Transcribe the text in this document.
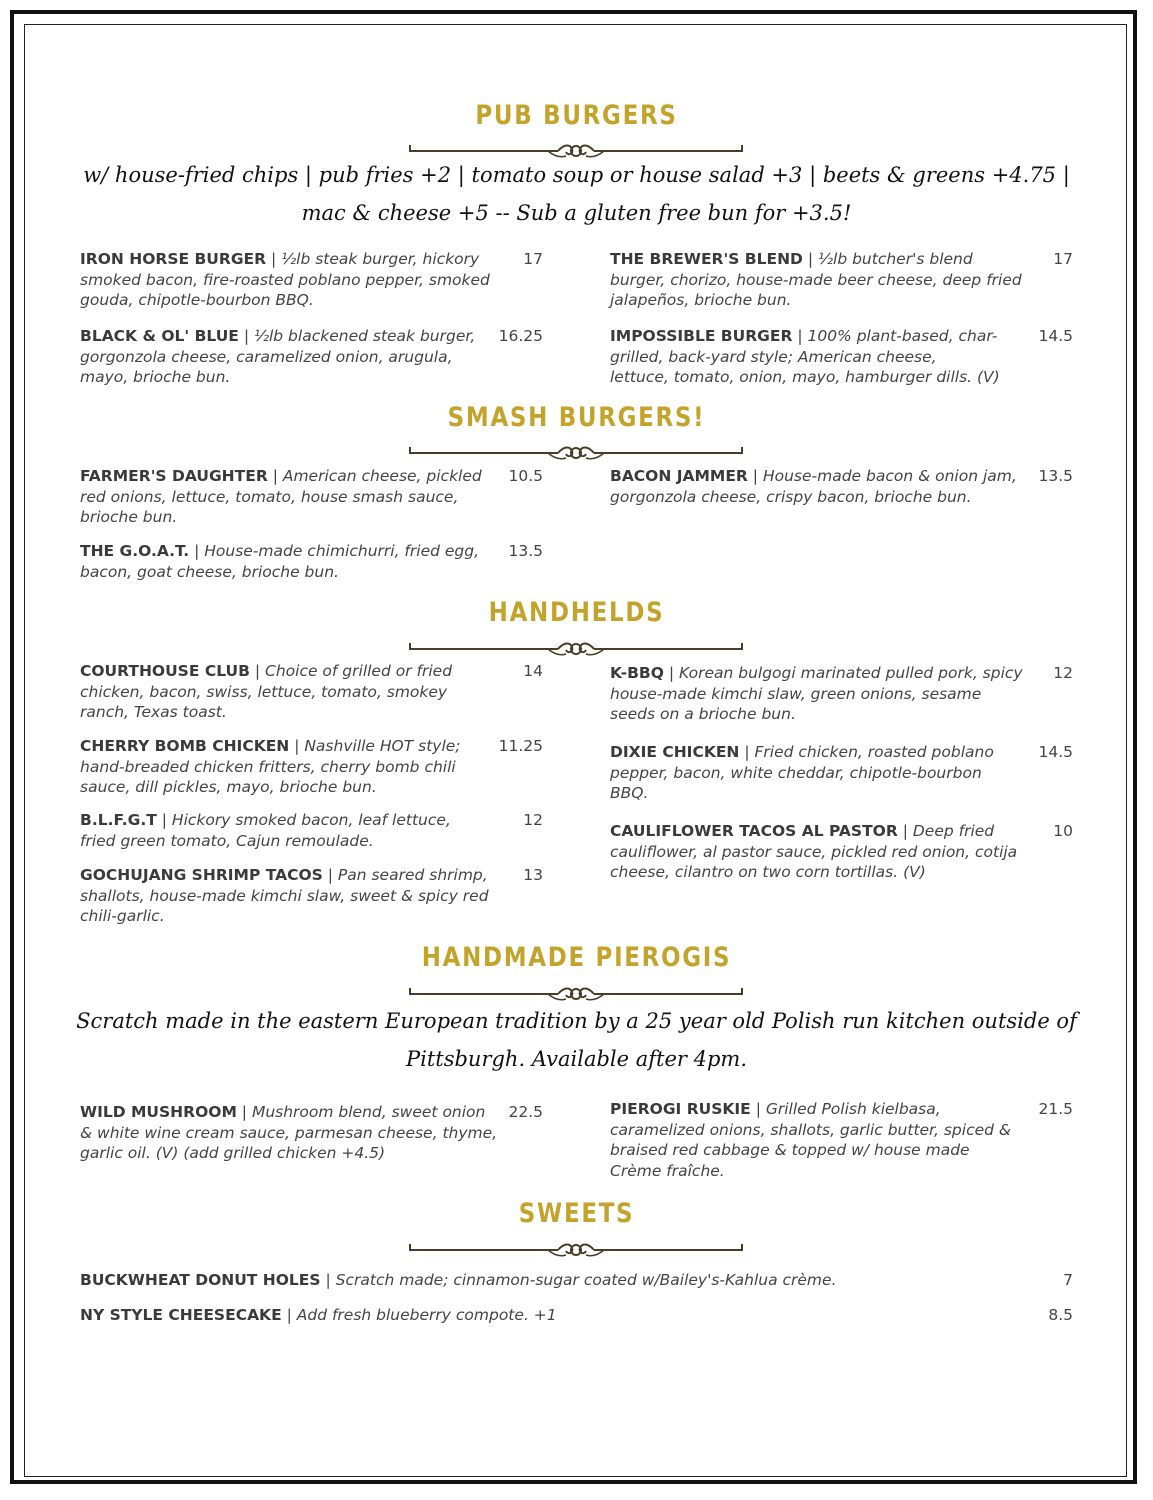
PUB BURGERS
w/ house-fried chips | pub fries +2 | tomato soup or house salad +3 | beets & greens +4.75 | mac & cheese +5 -- Sub a gluten free bun for +3.5!
IRON HORSE BURGER | ½lb steak burger, hickory smoked bacon, fire-roasted poblano pepper, smoked gouda, chipotle-bourbon BBQ.
17
BLACK & OL' BLUE | ½lb blackened steak burger, gorgonzola cheese, caramelized onion, arugula, mayo, brioche bun.
16.25
THE BREWER'S BLEND | ½lb butcher's blend burger, chorizo, house-made beer cheese, deep fried jalapeños, brioche bun.
17
IMPOSSIBLE BURGER | 100% plant-based, char-grilled, back-yard style; American cheese, lettuce, tomato, onion, mayo, hamburger dills. (V)
14.5
SMASH BURGERS!
FARMER'S DAUGHTER | American cheese, pickled red onions, lettuce, tomato, house smash sauce, brioche bun.
10.5
THE G.O.A.T. | House-made chimichurri, fried egg, bacon, goat cheese, brioche bun.
13.5
BACON JAMMER | House-made bacon & onion jam, gorgonzola cheese, crispy bacon, brioche bun.
13.5
HANDHELDS
COURTHOUSE CLUB | Choice of grilled or fried chicken, bacon, swiss, lettuce, tomato, smokey ranch, Texas toast.
14
CHERRY BOMB CHICKEN | Nashville HOT style; hand-breaded chicken fritters, cherry bomb chili sauce, dill pickles, mayo, brioche bun.
11.25
B.L.F.G.T | Hickory smoked bacon, leaf lettuce, fried green tomato, Cajun remoulade.
12
GOCHUJANG SHRIMP TACOS | Pan seared shrimp, shallots, house-made kimchi slaw, sweet & spicy red chili-garlic.
13
K-BBQ | Korean bulgogi marinated pulled pork, spicy house-made kimchi slaw, green onions, sesame seeds on a brioche bun.
12
DIXIE CHICKEN | Fried chicken, roasted poblano pepper, bacon, white cheddar, chipotle-bourbon BBQ.
14.5
CAULIFLOWER TACOS AL PASTOR | Deep fried cauliflower, al pastor sauce, pickled red onion, cotija cheese, cilantro on two corn tortillas. (V)
10
HANDMADE PIEROGIS
Scratch made in the eastern European tradition by a 25 year old Polish run kitchen outside of Pittsburgh. Available after 4pm.
WILD MUSHROOM | Mushroom blend, sweet onion & white wine cream sauce, parmesan cheese, thyme, garlic oil. (V) (add grilled chicken +4.5)
22.5	PIEROGI RUSKIE | Grilled Polish kielbasa, caramelized onions, shallots, garlic butter, spiced & braised red cabbage & topped w/ house made Crème fraîche.
21.5
SWEETS
BUCKWHEAT DONUT HOLES | Scratch made; cinnamon-sugar coated w/Bailey's-Kahlua crème.	7
NY STYLE CHEESECAKE | Add fresh blueberry compote. +1	8.5
